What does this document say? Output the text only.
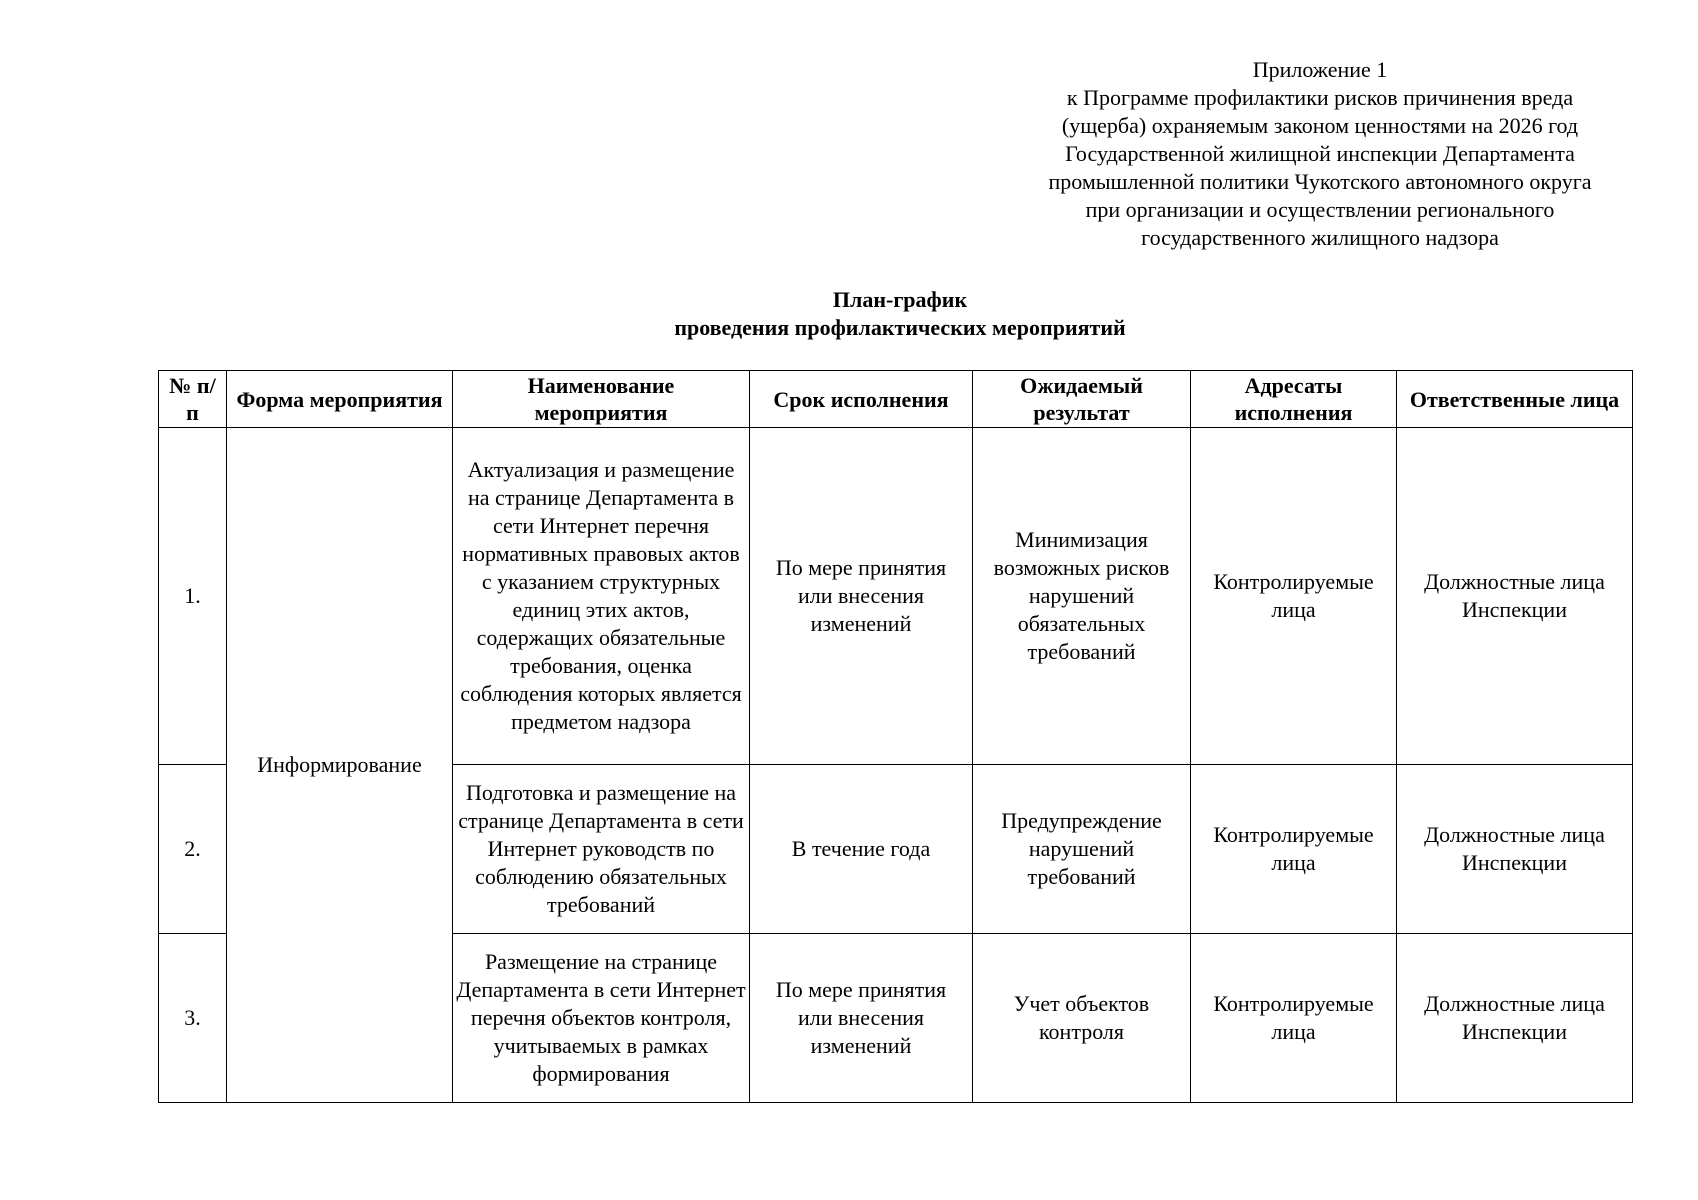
Приложение 1
к Программе профилактики рисков причинения вреда
(ущерба) охраняемым законом ценностями на 2026 год
Государственной жилищной инспекции Департамента
промышленной политики Чукотского автономного округа
при организации и осуществлении регионального
государственного жилищного надзора
План-график
проведения профилактических мероприятий
№ п/п	Форма мероприятия	Наименование мероприятия	Срок исполнения	Ожидаемый результат	Адресаты исполнения	Ответственные лица
1.	Информирование	Актуализация и размещение на странице Департамента в сети Интернет перечня нормативных правовых актов с указанием структурных единиц этих актов, содержащих обязательные требования, оценка соблюдения которых является предметом надзора	По мере принятия или внесения изменений	Минимизация возможных рисков нарушений обязательных требований	Контролируемые лица	Должностные лица Инспекции
2.		Подготовка и размещение на странице Департамента в сети Интернет руководств по соблюдению обязательных требований	В течение года	Предупреждение нарушений требований	Контролируемые лица	Должностные лица Инспекции
3.		Размещение на странице Департамента в сети Интернет перечня объектов контроля, учитываемых в рамках формирования	По мере принятия или внесения изменений	Учет объектов контроля	Контролируемые лица	Должностные лица Инспекции
